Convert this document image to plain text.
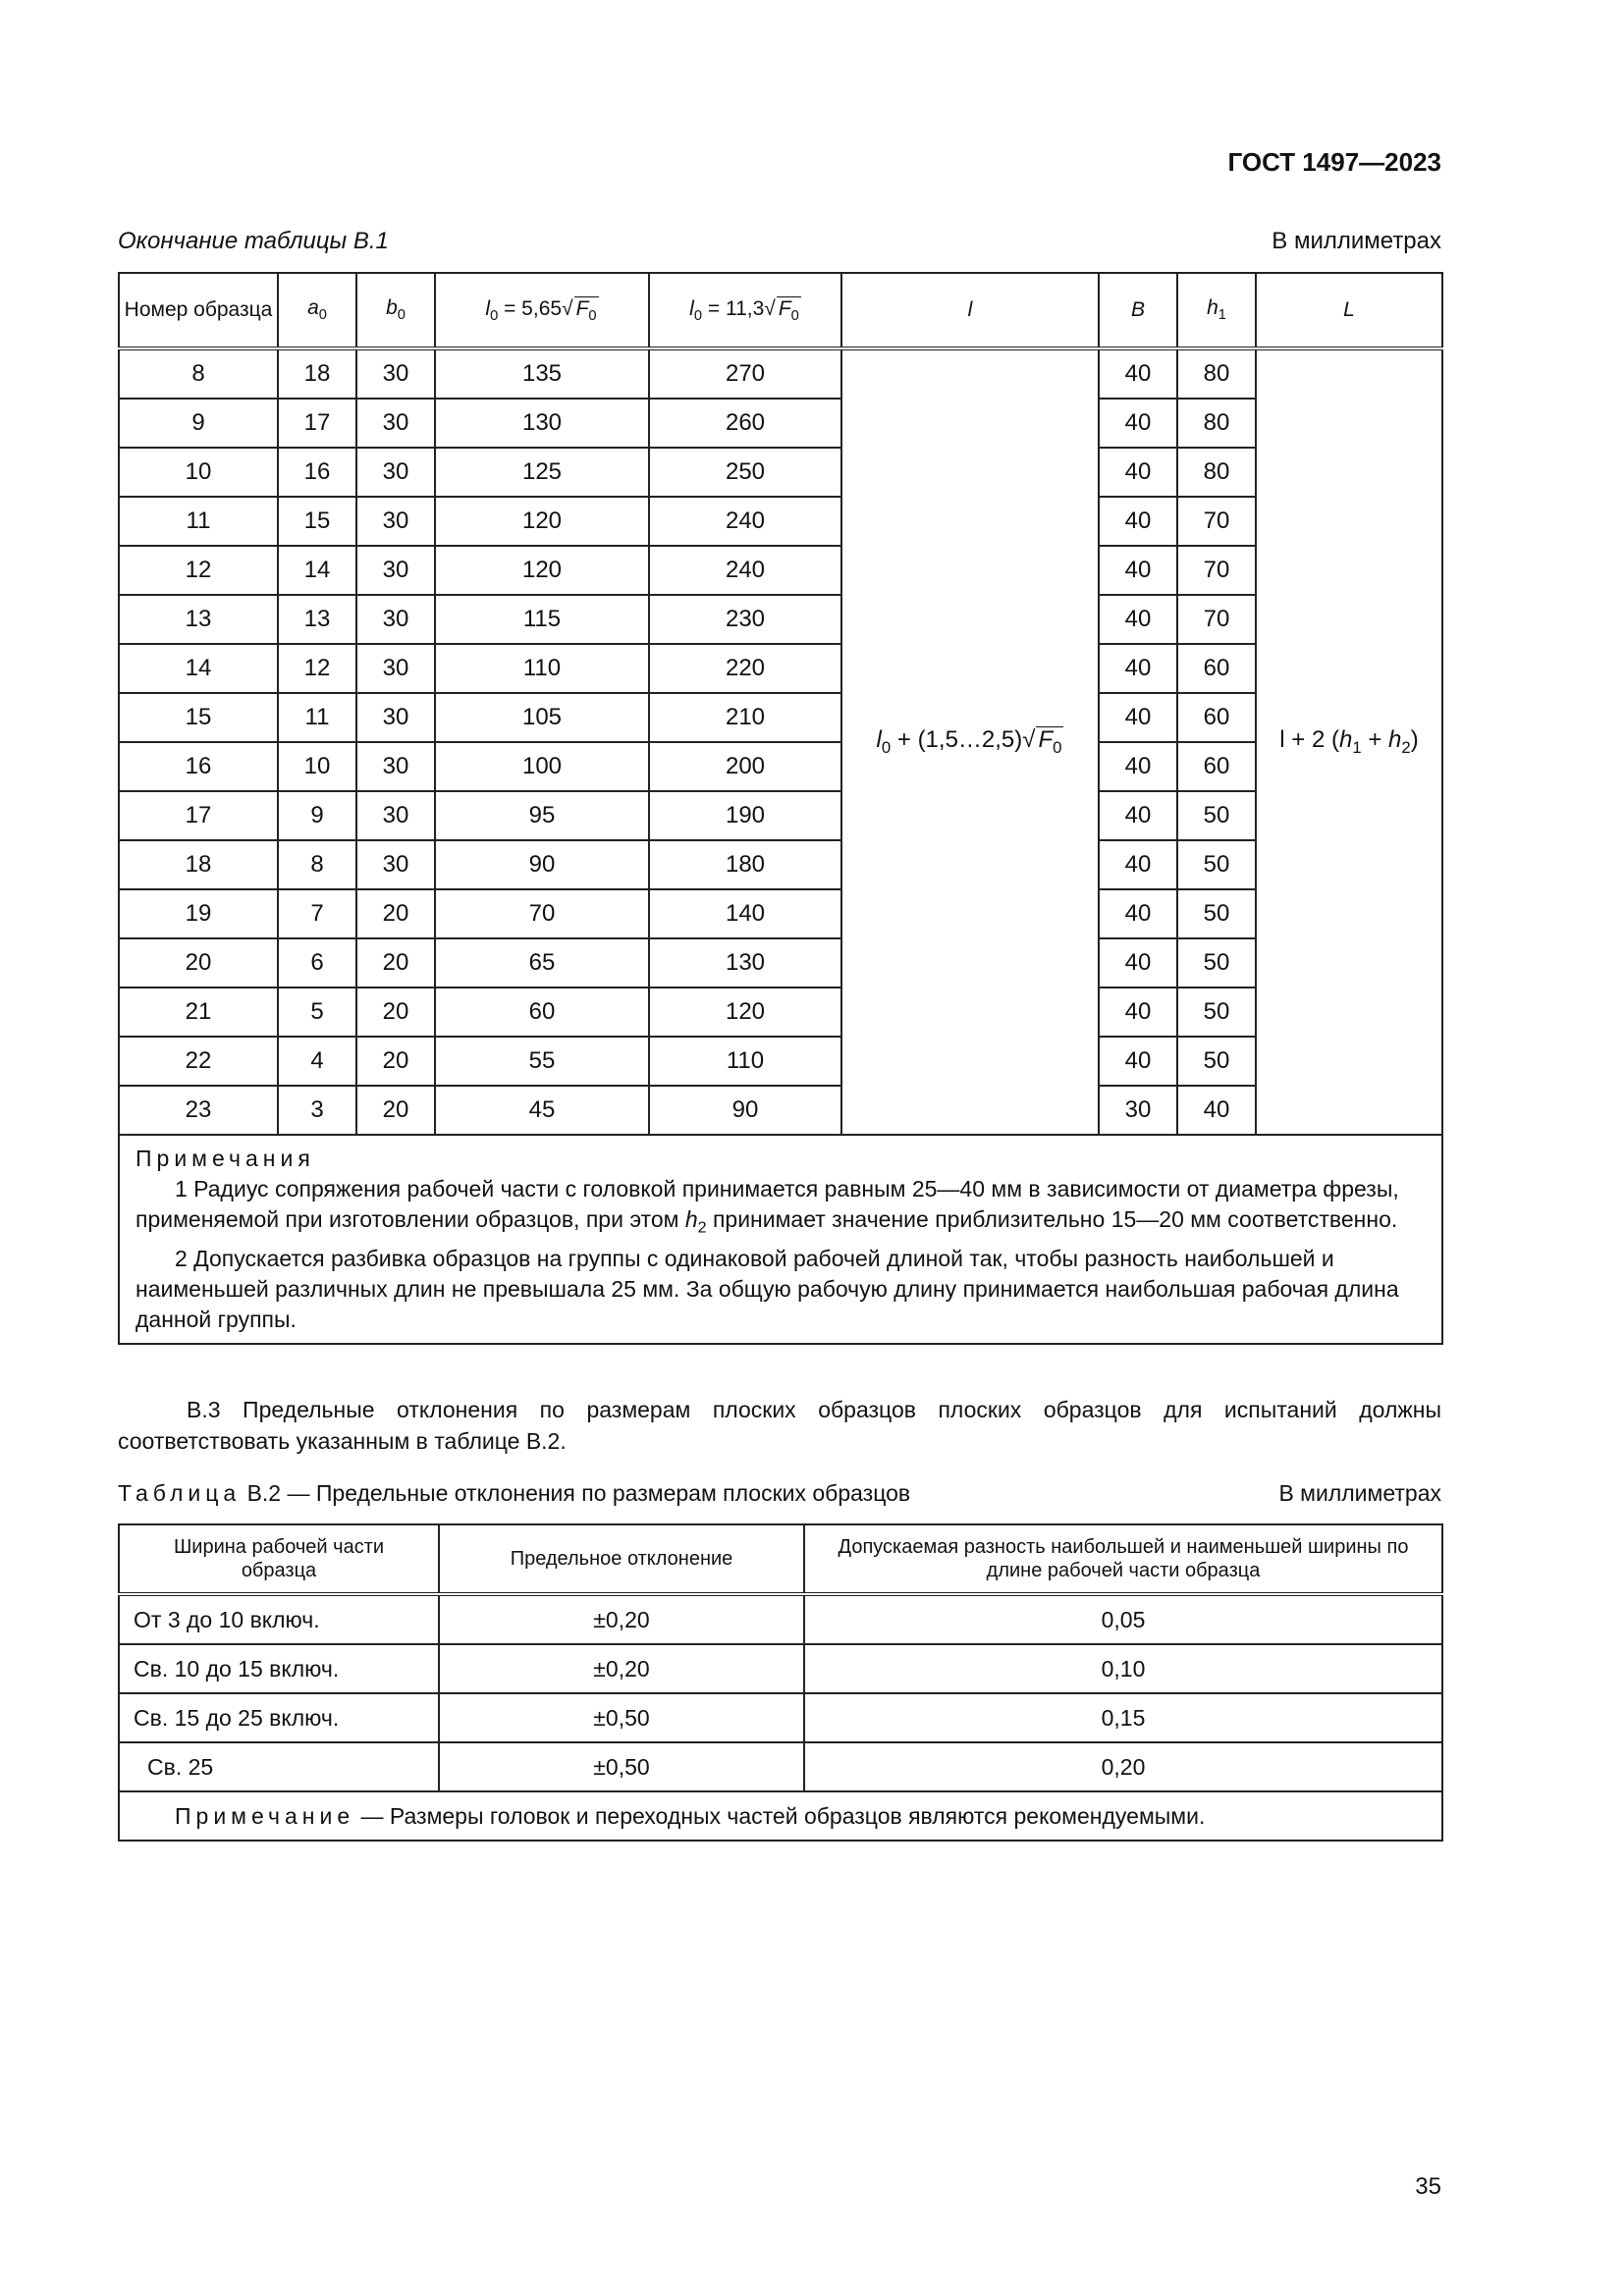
ГОСТ 1497—2023
Окончание таблицы В.1	В миллиметрах
Номер образца	$a_0$	$b_0$	$l_0 = 5,65√$ $F_0$	$l_0 = 11,3√$ $F_0$	l	B	$h_1$	L
8	18	30	135	270	$l_0$ + (1,5…2,5)√ $F_0$	40	80	l + 2 $(h_1 + h_2)$
9	17	30	130	260		40	80	
10	16	30	125	250		40	80	
11	15	30	120	240		40	70	
12	14	30	120	240		40	70	
13	13	30	115	230		40	70	
14	12	30	110	220		40	60	
15	11	30	105	210		40	60	
16	10	30	100	200		40	60	
17	9	30	95	190		40	50	
18	8	30	90	180		40	50	
19	7	20	70	140		40	50	
20	6	20	65	130		40	50	
21	5	20	60	120		40	50	
22	4	20	55	110		40	50	
23	3	20	45	90		30	40	

Примечания
1 Радиус сопряжения рабочей части с головкой принимается равным 25—40 мм в зависимости от диаметра фрезы, применяемой при изготовлении образцов, при этом $h_2$ принимает значение приблизительно 15—20 мм соответственно.
2 Допускается разбивка образцов на группы с одинаковой рабочей длиной так, чтобы разность наибольшей и наименьшей различных длин не превышала 25 мм. За общую рабочую длину принимается наибольшая рабочая длина данной группы.								
В.3 Предельные отклонения по размерам плоских образцов плоских образцов для испытаний должны соответствовать указанным в таблице В.2.
Таблица В.2 — Предельные отклонения по размерам плоских образцов	В миллиметрах
Ширина рабочей части образца	Предельное отклонение	Допускаемая разность наибольшей и наименьшей ширины по длине рабочей части образца
От 3 до 10 включ.	±0,20	0,05
Св. 10 до 15 включ.	±0,20	0,10
Св. 15 до 25 включ.	±0,50	0,15
Св. 25	±0,50	0,20
Примечание — Размеры головок и переходных частей образцов являются рекомендуемыми.		
35
